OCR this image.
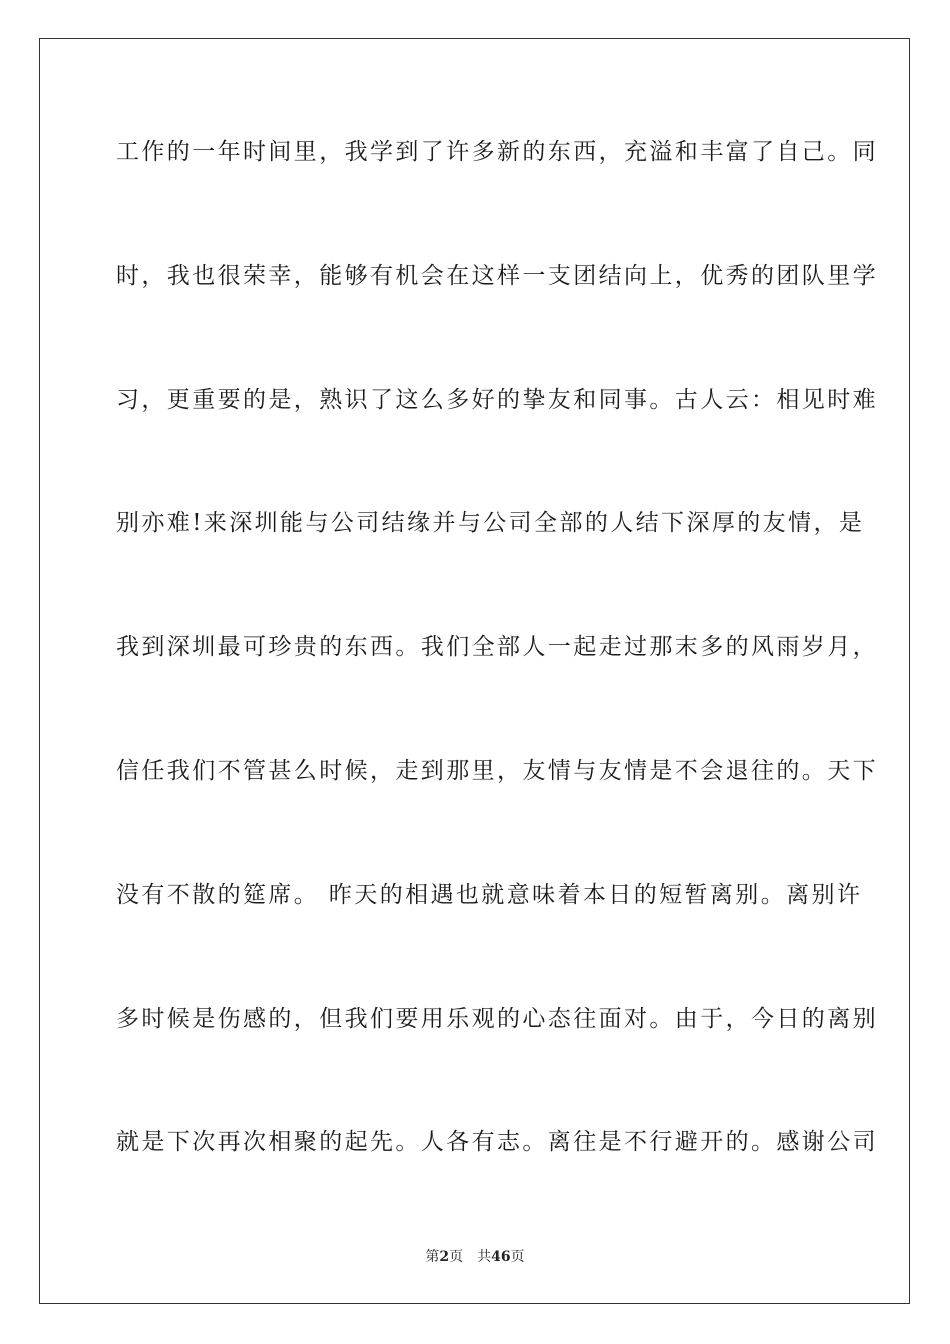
工作的一年时间里，我学到了许多新的东西，充溢和丰富了自己。同
时，我也很荣幸，能够有机会在这样一支团结向上，优秀的团队里学
习，更重要的是，熟识了这么多好的挚友和同事。古人云：相见时难
别亦难!来深圳能与公司结缘并与公司全部的人结下深厚的友情，是
我到深圳最可珍贵的东西。我们全部人一起走过那末多的风雨岁月，
信任我们不管甚么时候，走到那里，友情与友情是不会退往的。天下
没有不散的筵席。 昨天的相遇也就意味着本日的短暂离别。离别许
多时候是伤感的，但我们要用乐观的心态往面对。由于，今日的离别
就是下次再次相聚的起先。人各有志。离往是不行避开的。感谢公司
第2页 共46页
